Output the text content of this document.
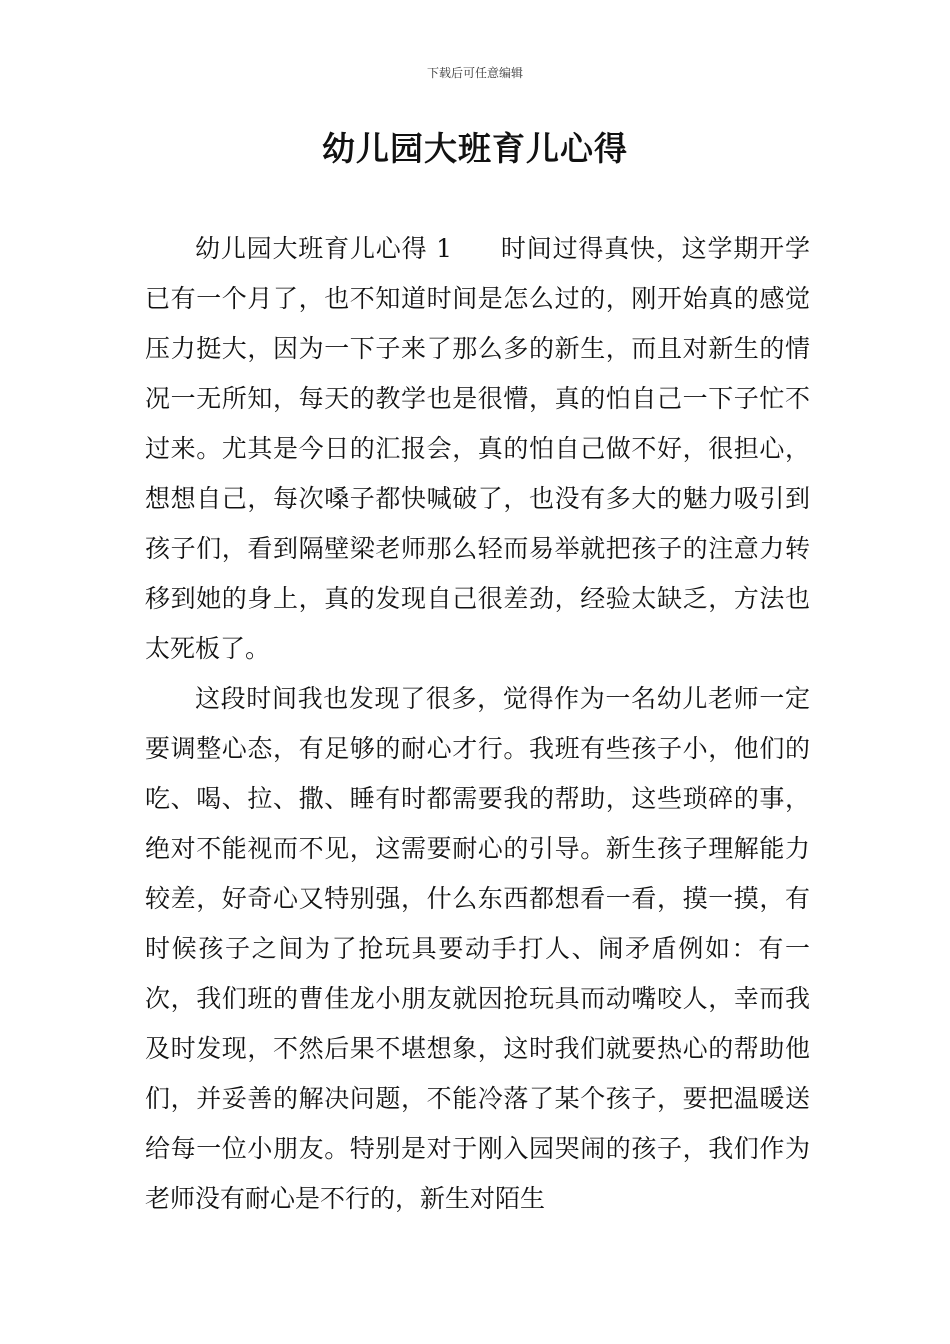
下载后可任意编辑
幼儿园大班育儿心得

幼儿园大班育儿心得 1 时间过得真快，这学期开学已有一个月了，也不知道时间是怎么过的，刚开始真的感觉压力挺大，因为一下子来了那么多的新生，而且对新生的情况一无所知，每天的教学也是很懵，真的怕自己一下子忙不过来。尤其是今日的汇报会，真的怕自己做不好，很担心，想想自己，每次嗓子都快喊破了，也没有多大的魅力吸引到孩子们，看到隔壁梁老师那么轻而易举就把孩子的注意力转移到她的身上，真的发现自己很差劲，经验太缺乏，方法也太死板了。

这段时间我也发现了很多，觉得作为一名幼儿老师一定要调整心态，有足够的耐心才行。我班有些孩子小，他们的吃、喝、拉、撒、睡有时都需要我的帮助，这些琐碎的事，绝对不能视而不见，这需要耐心的引导。新生孩子理解能力较差，好奇心又特别强，什么东西都想看一看，摸一摸，有时候孩子之间为了抢玩具要动手打人、闹矛盾例如：有一次，我们班的曹佳龙小朋友就因抢玩具而动嘴咬人，幸而我及时发现，不然后果不堪想象，这时我们就要热心的帮助他们，并妥善的解决问题，不能冷落了某个孩子，要把温暖送给每一位小朋友。特别是对于刚入园哭闹的孩子，我们作为老师没有耐心是不行的，新生对陌生
